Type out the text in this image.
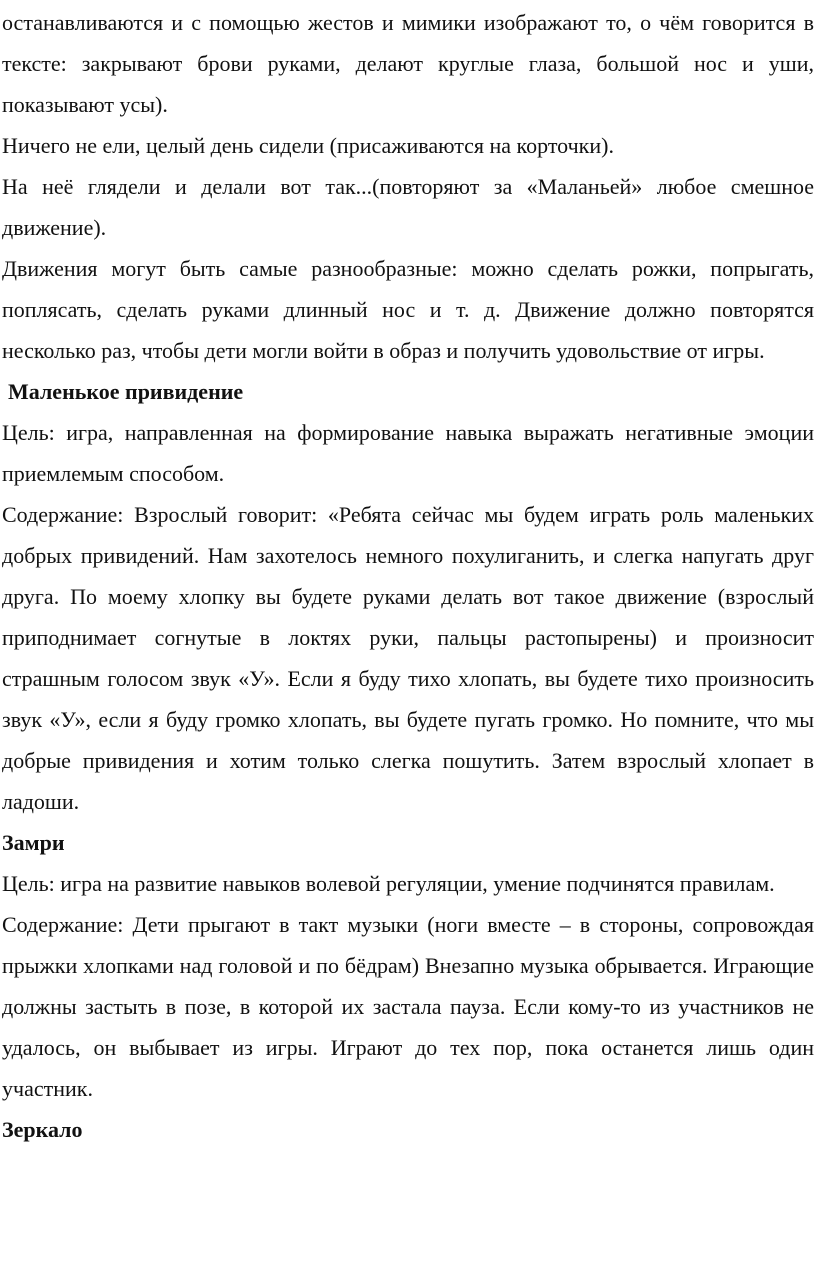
останавливаются и с помощью жестов и мимики изображают то, о чём говорится в тексте: закрывают брови руками, делают круглые глаза, большой нос и уши, показывают усы).

Ничего не ели, целый день сидели (присаживаются на корточки).

На неё глядели и делали вот так...(повторяют за «Маланьей» любое смешное движение).

Движения могут быть самые разнообразные: можно сделать рожки, попрыгать, поплясать, сделать руками длинный нос и т. д. Движение должно повторятся несколько раз, чтобы дети могли войти в образ и получить удовольствие от игры.

Маленькое привидение

Цель: игра, направленная на формирование навыка выражать негативные эмоции приемлемым способом.

Содержание: Взрослый говорит: «Ребята сейчас мы будем играть роль маленьких добрых привидений. Нам захотелось немного похулиганить, и слегка напугать друг друга. По моему хлопку вы будете руками делать вот такое движение (взрослый приподнимает согнутые в локтях руки, пальцы растопырены) и произносит страшным голосом звук «У». Если я буду тихо хлопать, вы будете тихо произносить звук «У», если я буду громко хлопать, вы будете пугать громко. Но помните, что мы добрые привидения и хотим только слегка пошутить. Затем взрослый хлопает в ладоши.

Замри

Цель: игра на развитие навыков волевой регуляции, умение подчинятся правилам.

Содержание: Дети прыгают в такт музыки (ноги вместе – в стороны, сопровождая прыжки хлопками над головой и по бёдрам) Внезапно музыка обрывается. Играющие должны застыть в позе, в которой их застала пауза. Если кому-то из участников не удалось, он выбывает из игры. Играют до тех пор, пока останется лишь один участник.

Зеркало
